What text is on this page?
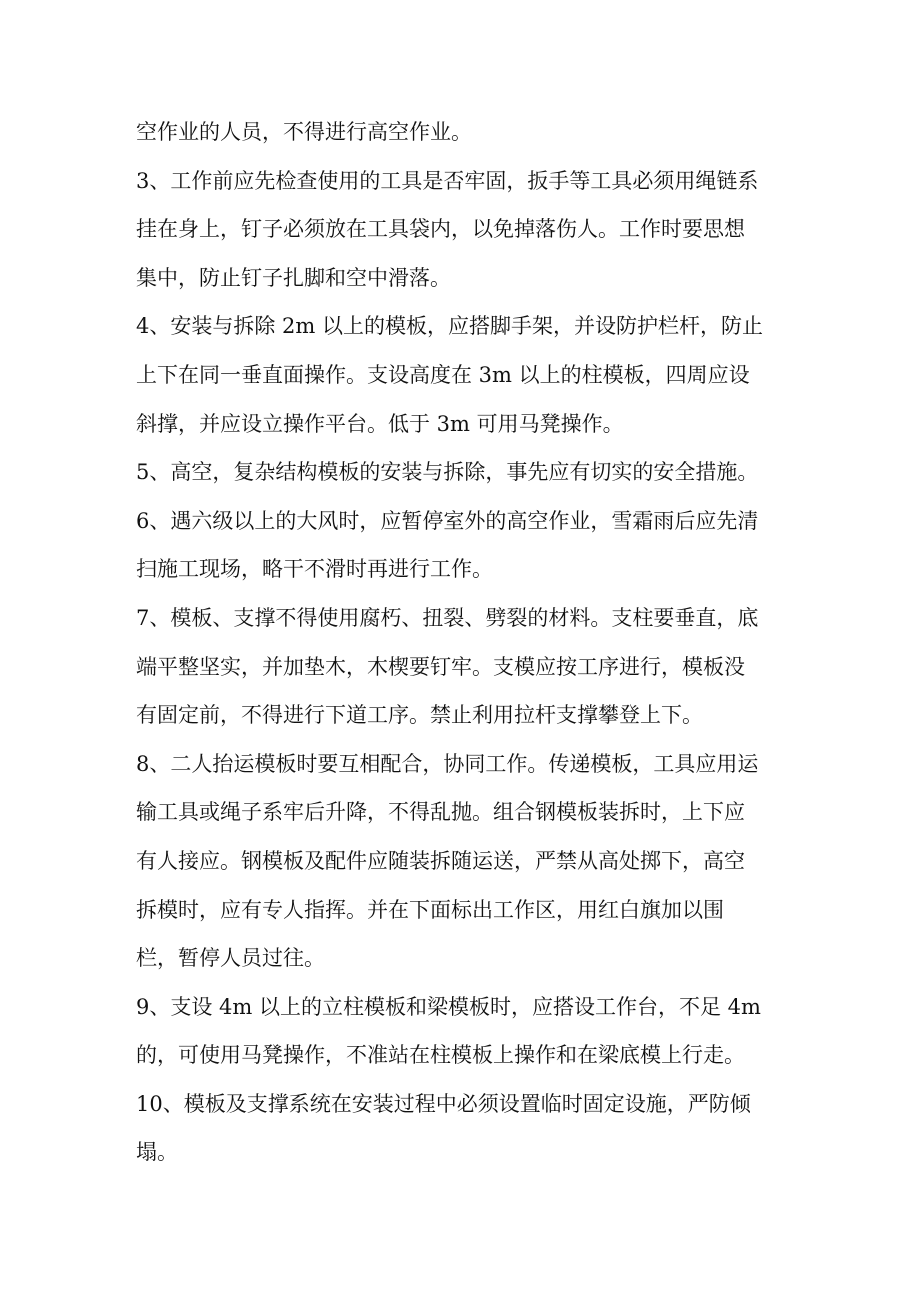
空作业的人员，不得进行高空作业。
3、工作前应先检查使用的工具是否牢固，扳手等工具必须用绳链系
挂在身上，钉子必须放在工具袋内，以免掉落伤人。工作时要思想
集中，防止钉子扎脚和空中滑落。
4、安装与拆除 2m 以上的模板，应搭脚手架，并设防护栏杆，防止
上下在同一垂直面操作。支设高度在 3m 以上的柱模板，四周应设
斜撑，并应设立操作平台。低于 3m 可用马凳操作。
5、高空，复杂结构模板的安装与拆除，事先应有切实的安全措施。
6、遇六级以上的大风时，应暂停室外的高空作业，雪霜雨后应先清
扫施工现场，略干不滑时再进行工作。
7、模板、支撑不得使用腐朽、扭裂、劈裂的材料。支柱要垂直，底
端平整坚实，并加垫木，木楔要钉牢。支模应按工序进行，模板没
有固定前，不得进行下道工序。禁止利用拉杆支撑攀登上下。
8、二人抬运模板时要互相配合，协同工作。传递模板，工具应用运
输工具或绳子系牢后升降，不得乱抛。组合钢模板装拆时，上下应
有人接应。钢模板及配件应随装拆随运送，严禁从高处掷下，高空
拆模时，应有专人指挥。并在下面标出工作区，用红白旗加以围
栏，暂停人员过往。
9、支设 4m 以上的立柱模板和梁模板时，应搭设工作台，不足 4m
的，可使用马凳操作，不准站在柱模板上操作和在梁底模上行走。
10、模板及支撑系统在安装过程中必须设置临时固定设施，严防倾
塌。
